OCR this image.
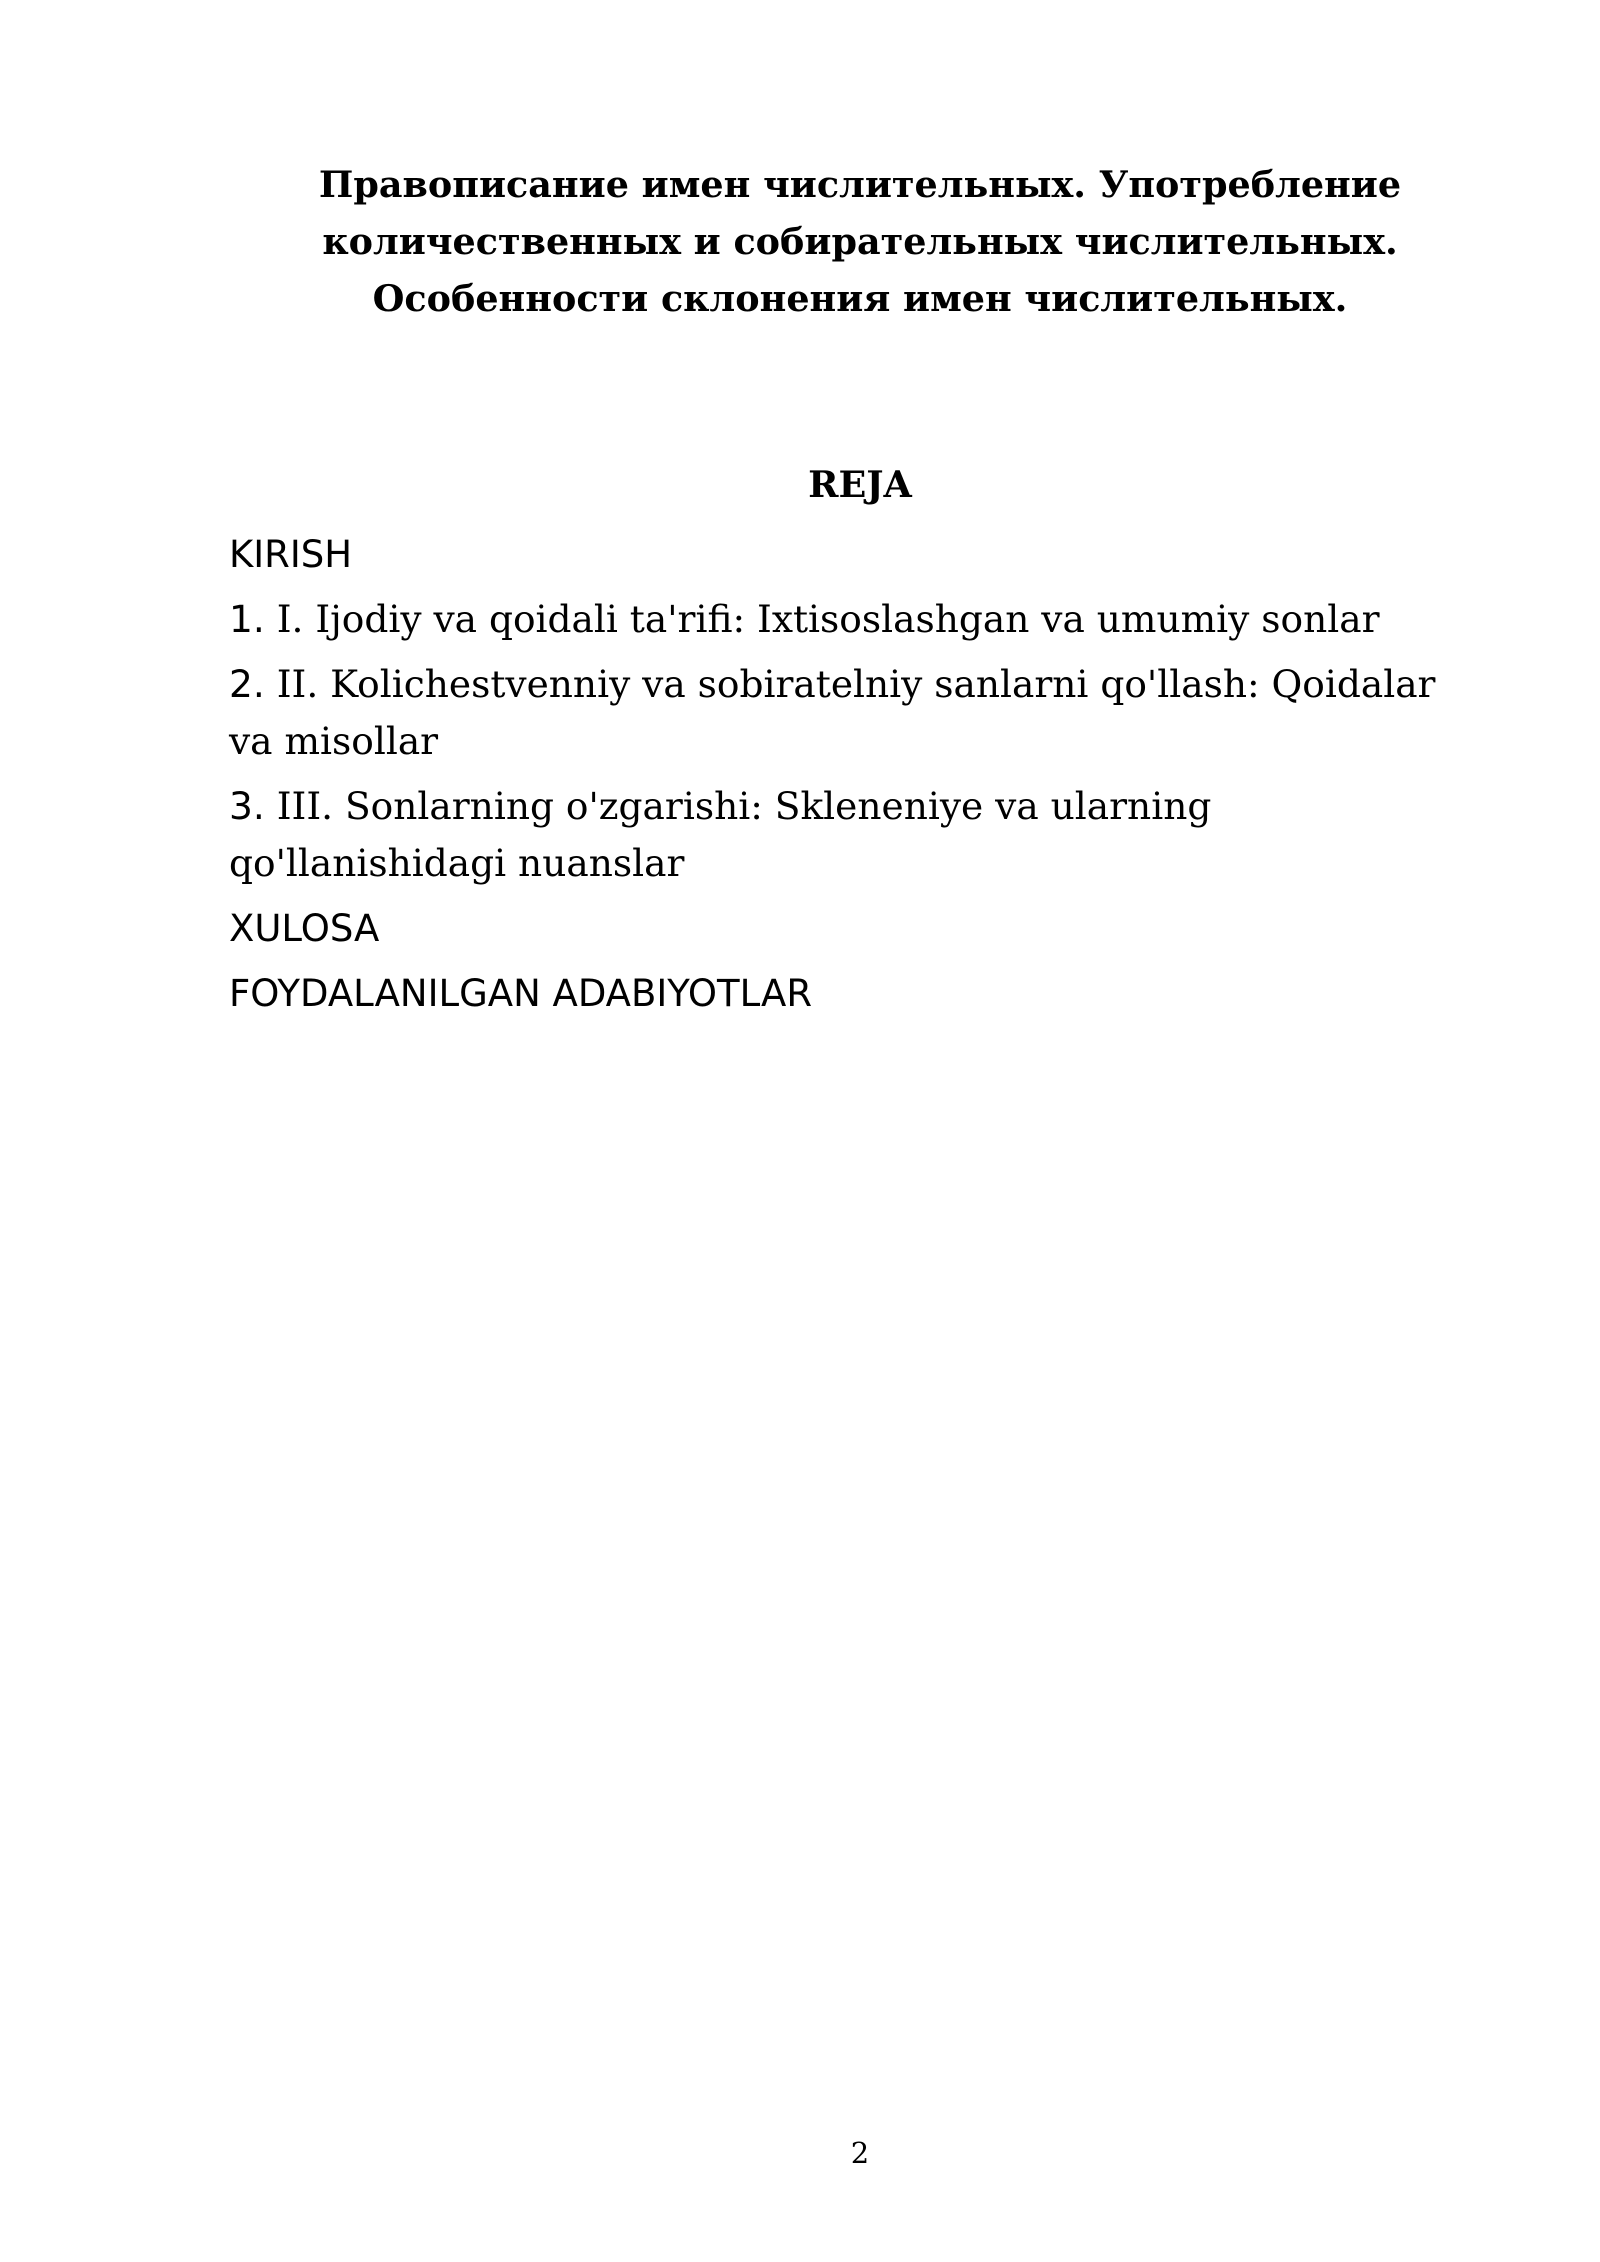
Правописание имен числительных. Употребление
количественных и собирательных числительных.
Особенности склонения имен числительных.
REJA
KIRISH
1. I. Ijodiy va qoidali ta'rifi: Ixtisoslashgan va umumiy sonlar
2. II. Kolichestvenniy va sobiratelniy sanlarni qo'llash: Qoidalar va misollar
3. III. Sonlarning o'zgarishi: Skleneniye va ularning qo'llanishidagi nuanslar
XULOSA
FOYDALANILGAN ADABIYOTLAR
2
